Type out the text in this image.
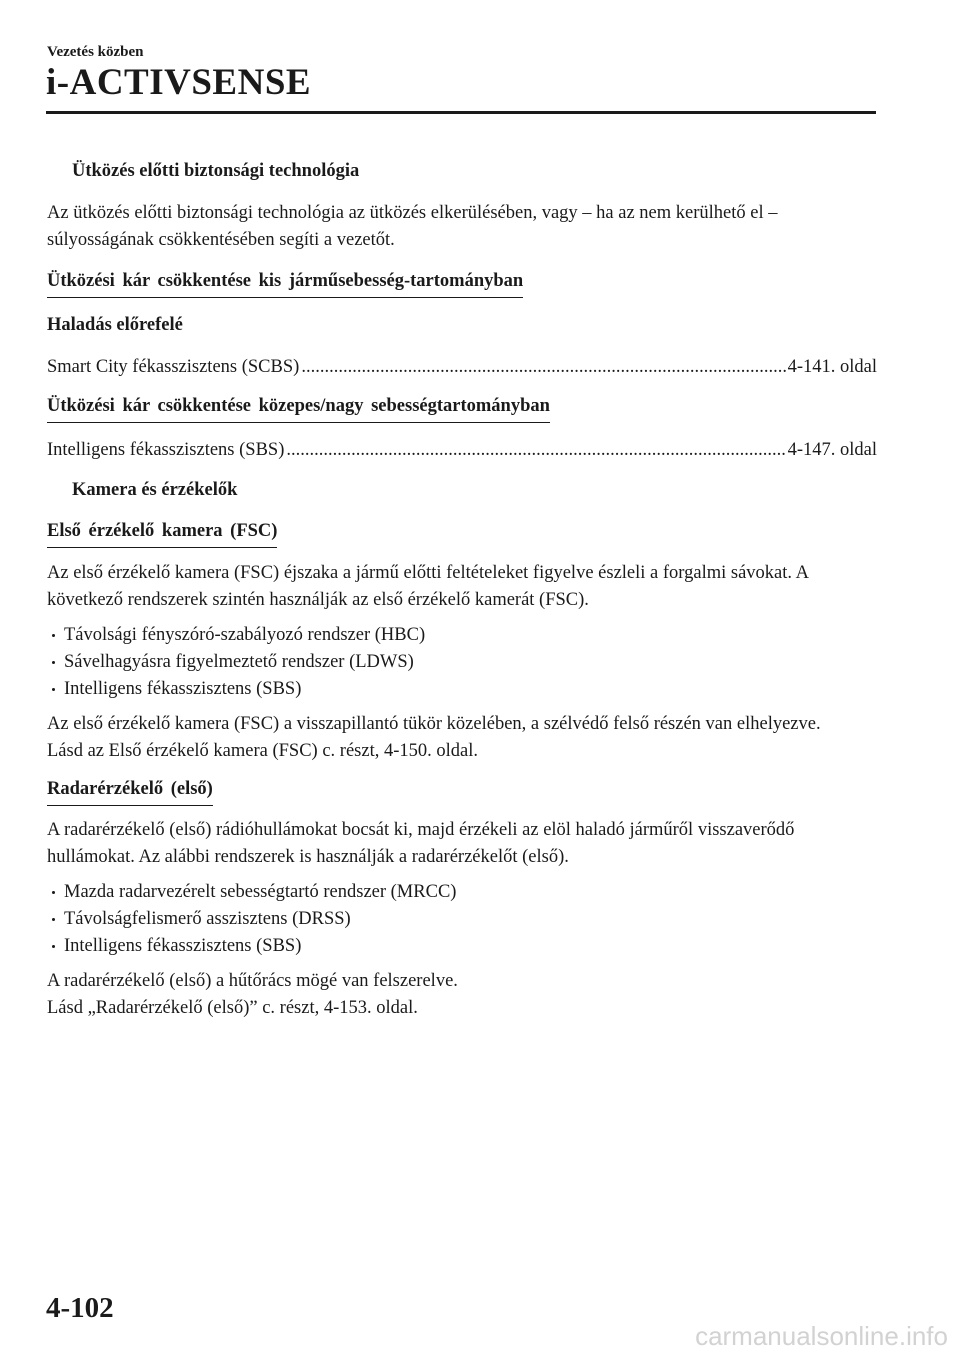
Vezetés közben
i-ACTIVSENSE
Ütközés előtti biztonsági technológia

Az ütközés előtti biztonsági technológia az ütközés elkerülésében, vagy – ha az nem kerülhető el – súlyosságának csökkentésében segíti a vezetőt.

Ütközési kár csökkentése kis járműsebesség-tartományban
Haladás előrefelé
Smart City fékasszisztens (SCBS) .....	4-141. oldal
Ütközési kár csökkentése közepes/nagy sebességtartományban
Intelligens fékasszisztens (SBS) .....	4-147. oldal
Kamera és érzékelők
Első érzékelő kamera (FSC)

Az első érzékelő kamera (FSC) éjszaka a jármű előtti feltételeket figyelve észleli a forgalmi sávokat. A következő rendszerek szintén használják az első érzékelő kamerát (FSC).

Távolsági fényszóró-szabályozó rendszer (HBC)
Sávelhagyásra figyelmeztető rendszer (LDWS)
Intelligens fékasszisztens (SBS)

Az első érzékelő kamera (FSC) a visszapillantó tükör közelében, a szélvédő felső részén van elhelyezve.

Lásd az Első érzékelő kamera (FSC) c. részt, 4-150. oldal.

Radarérzékelő (első)

A radarérzékelő (első) rádióhullámokat bocsát ki, majd érzékeli az elöl haladó járműről visszaverődő hullámokat. Az alábbi rendszerek is használják a radarérzékelőt (első).

Mazda radarvezérelt sebességtartó rendszer (MRCC)
Távolságfelismerő asszisztens (DRSS)
Intelligens fékasszisztens (SBS)

A radarérzékelő (első) a hűtőrács mögé van felszerelve.

Lásd „Radarérzékelő (első)” c. részt, 4-153. oldal.

4-102
carmanualsonline.info
